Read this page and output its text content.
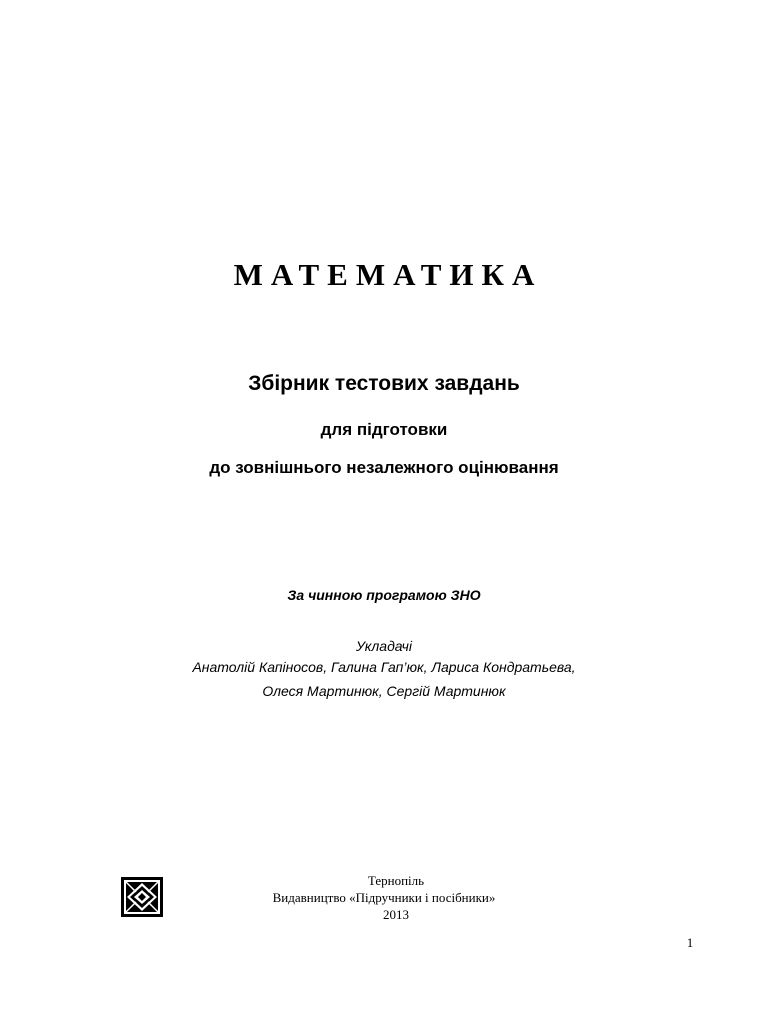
МАТЕМАТИКА
Збірник тестових завдань
для підготовки
до зовнішнього незалежного оцінювання
За чинною програмою ЗНО
Укладачі
Анатолій Капіносов, Галина Гап’юк, Лариса Кондратьева,
Олеся Мартинюк, Сергій Мартинюк
Тернопіль
Видавництво «Підручники і посібники»
2013
1
